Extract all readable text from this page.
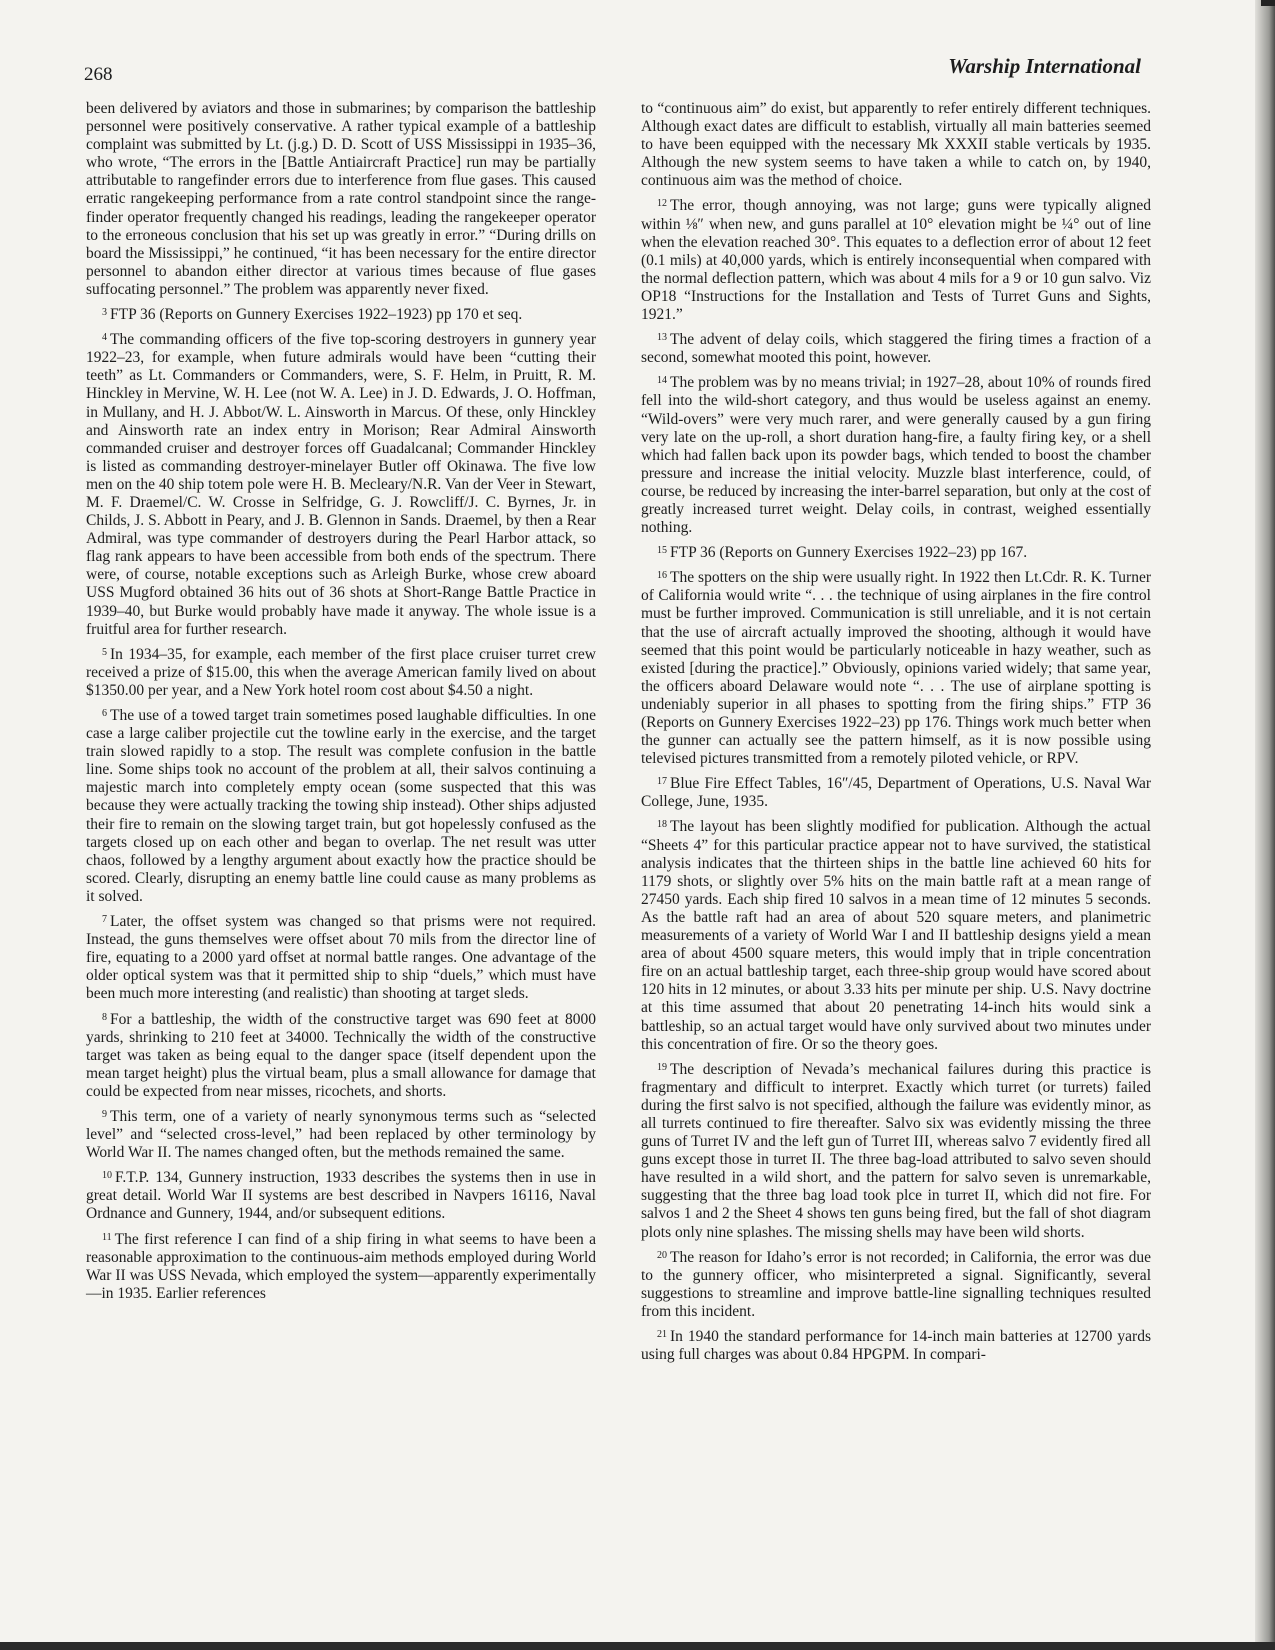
268	Warship International

been delivered by aviators and those in submarines; by comparison the battleship personnel were positively conservative. A rather typical example of a battleship complaint was submitted by Lt. (j.g.) D. D. Scott of USS Mississippi in 1935–36, who wrote, “The errors in the [Battle Antiaircraft Practice] run may be partially attributable to rangefinder errors due to interference from flue gases. This caused erratic rangekeeping performance from a rate control standpoint since the range-finder operator frequently changed his readings, leading the rangekeeper operator to the erroneous conclusion that his set up was greatly in error.” “During drills on board the Mississippi,” he continued, “it has been necessary for the entire director personnel to abandon either director at various times because of flue gases suffocating personnel.” The problem was apparently never fixed.

$^3$ FTP 36 (Reports on Gunnery Exercises 1922–1923) pp 170 et seq.

$^4$ The commanding officers of the five top-scoring destroyers in gunnery year 1922–23, for example, when future admirals would have been “cutting their teeth” as Lt. Commanders or Commanders, were, S. F. Helm, in Pruitt, R. M. Hinckley in Mervine, W. H. Lee (not W. A. Lee) in J. D. Edwards, J. O. Hoffman, in Mullany, and H. J. Abbot/W. L. Ainsworth in Marcus. Of these, only Hinckley and Ainsworth rate an index entry in Morison; Rear Admiral Ainsworth commanded cruiser and destroyer forces off Guadalcanal; Commander Hinckley is listed as commanding destroyer-minelayer Butler off Okinawa. The five low men on the 40 ship totem pole were H. B. Mecleary/N.R. Van der Veer in Stewart, M. F. Draemel/C. W. Crosse in Selfridge, G. J. Rowcliff/J. C. Byrnes, Jr. in Childs, J. S. Abbott in Peary, and J. B. Glennon in Sands. Draemel, by then a Rear Admiral, was type commander of destroyers during the Pearl Harbor attack, so flag rank appears to have been accessible from both ends of the spectrum. There were, of course, notable exceptions such as Arleigh Burke, whose crew aboard USS Mugford obtained 36 hits out of 36 shots at Short-Range Battle Practice in 1939–40, but Burke would probably have made it anyway. The whole issue is a fruitful area for further research.

$^5$ In 1934–35, for example, each member of the first place cruiser turret crew received a prize of $15.00, this when the average American family lived on about $1350.00 per year, and a New York hotel room cost about $4.50 a night.

$^6$ The use of a towed target train sometimes posed laughable difficulties. In one case a large caliber projectile cut the towline early in the exercise, and the target train slowed rapidly to a stop. The result was complete confusion in the battle line. Some ships took no account of the problem at all, their salvos continuing a majestic march into completely empty ocean (some suspected that this was because they were actually tracking the towing ship instead). Other ships adjusted their fire to remain on the slowing target train, but got hopelessly confused as the targets closed up on each other and began to overlap. The net result was utter chaos, followed by a lengthy argument about exactly how the practice should be scored. Clearly, disrupting an enemy battle line could cause as many problems as it solved.

$^7$ Later, the offset system was changed so that prisms were not required. Instead, the guns themselves were offset about 70 mils from the director line of fire, equating to a 2000 yard offset at normal battle ranges. One advantage of the older optical system was that it permitted ship to ship “duels,” which must have been much more interesting (and realistic) than shooting at target sleds.

$^8$ For a battleship, the width of the constructive target was 690 feet at 8000 yards, shrinking to 210 feet at 34000. Technically the width of the constructive target was taken as being equal to the danger space (itself dependent upon the mean target height) plus the virtual beam, plus a small allowance for damage that could be expected from near misses, ricochets, and shorts.

$^9$ This term, one of a variety of nearly synonymous terms such as “selected level” and “selected cross-level,” had been replaced by other terminology by World War II. The names changed often, but the methods remained the same.

$^{10}$ F.T.P. 134, Gunnery instruction, 1933 describes the systems then in use in great detail. World War II systems are best described in Navpers 16116, Naval Ordnance and Gunnery, 1944, and/or subsequent editions.

$^{11}$ The first reference I can find of a ship firing in what seems to have been a reasonable approximation to the continuous-aim methods employed during World War II was USS Nevada, which employed the system—apparently experimentally—in 1935. Earlier references

to “continuous aim” do exist, but apparently to refer entirely different techniques. Although exact dates are difficult to establish, virtually all main batteries seemed to have been equipped with the necessary Mk XXXII stable verticals by 1935. Although the new system seems to have taken a while to catch on, by 1940, continuous aim was the method of choice.

$^{12}$ The error, though annoying, was not large; guns were typically aligned within ⅛″ when new, and guns parallel at 10° elevation might be ¼° out of line when the elevation reached 30°. This equates to a deflection error of about 12 feet (0.1 mils) at 40,000 yards, which is entirely inconsequential when compared with the normal deflection pattern, which was about 4 mils for a 9 or 10 gun salvo. Viz OP18 “Instructions for the Installation and Tests of Turret Guns and Sights, 1921.”

$^{13}$ The advent of delay coils, which staggered the firing times a fraction of a second, somewhat mooted this point, however.

$^{14}$ The problem was by no means trivial; in 1927–28, about 10% of rounds fired fell into the wild-short category, and thus would be useless against an enemy. “Wild-overs” were very much rarer, and were generally caused by a gun firing very late on the up-roll, a short duration hang-fire, a faulty firing key, or a shell which had fallen back upon its powder bags, which tended to boost the chamber pressure and increase the initial velocity. Muzzle blast interference, could, of course, be reduced by increasing the inter-barrel separation, but only at the cost of greatly increased turret weight. Delay coils, in contrast, weighed essentially nothing.

$^{15}$ FTP 36 (Reports on Gunnery Exercises 1922–23) pp 167.

$^{16}$ The spotters on the ship were usually right. In 1922 then Lt.Cdr. R. K. Turner of California would write “. . . the technique of using airplanes in the fire control must be further improved. Communication is still unreliable, and it is not certain that the use of aircraft actually improved the shooting, although it would have seemed that this point would be particularly noticeable in hazy weather, such as existed [during the practice].” Obviously, opinions varied widely; that same year, the officers aboard Delaware would note “. . . The use of airplane spotting is undeniably superior in all phases to spotting from the firing ships.” FTP 36 (Reports on Gunnery Exercises 1922–23) pp 176. Things work much better when the gunner can actually see the pattern himself, as it is now possible using televised pictures transmitted from a remotely piloted vehicle, or RPV.

$^{17}$ Blue Fire Effect Tables, 16″/45, Department of Operations, U.S. Naval War College, June, 1935.

$^{18}$ The layout has been slightly modified for publication. Although the actual “Sheets 4” for this particular practice appear not to have survived, the statistical analysis indicates that the thirteen ships in the battle line achieved 60 hits for 1179 shots, or slightly over 5% hits on the main battle raft at a mean range of 27450 yards. Each ship fired 10 salvos in a mean time of 12 minutes 5 seconds. As the battle raft had an area of about 520 square meters, and planimetric measurements of a variety of World War I and II battleship designs yield a mean area of about 4500 square meters, this would imply that in triple concentration fire on an actual battleship target, each three-ship group would have scored about 120 hits in 12 minutes, or about 3.33 hits per minute per ship. U.S. Navy doctrine at this time assumed that about 20 penetrating 14-inch hits would sink a battleship, so an actual target would have only survived about two minutes under this concentration of fire. Or so the theory goes.

$^{19}$ The description of Nevada’s mechanical failures during this practice is fragmentary and difficult to interpret. Exactly which turret (or turrets) failed during the first salvo is not specified, although the failure was evidently minor, as all turrets continued to fire thereafter. Salvo six was evidently missing the three guns of Turret IV and the left gun of Turret III, whereas salvo 7 evidently fired all guns except those in turret II. The three bag-load attributed to salvo seven should have resulted in a wild short, and the pattern for salvo seven is unremarkable, suggesting that the three bag load took plce in turret II, which did not fire. For salvos 1 and 2 the Sheet 4 shows ten guns being fired, but the fall of shot diagram plots only nine splashes. The missing shells may have been wild shorts.

$^{20}$ The reason for Idaho’s error is not recorded; in California, the error was due to the gunnery officer, who misinterpreted a signal. Significantly, several suggestions to streamline and improve battle-line signalling techniques resulted from this incident.

$^{21}$ In 1940 the standard performance for 14-inch main batteries at 12700 yards using full charges was about 0.84 HPGPM. In compari-
